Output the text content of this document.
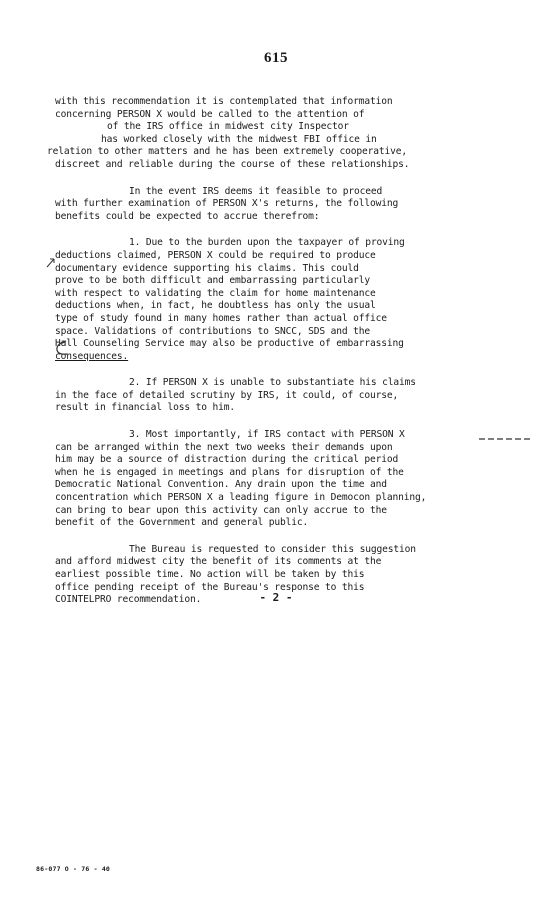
615
with this recommendation it is contemplated that information
concerning PERSON X would be called to the attention of
of the IRS office in midwest city Inspector
has worked closely with the midwest FBI office in
relation to other matters and he has been extremely cooperative,
discreet and reliable during the course of these relationships.
In the event IRS deems it feasible to proceed
with further examination of PERSON X's returns, the following
benefits could be expected to accrue therefrom:
1. Due to the burden upon the taxpayer of proving
deductions claimed, PERSON X could be required to produce
documentary evidence supporting his claims. This could
prove to be both difficult and embarrassing particularly
with respect to validating the claim for home maintenance
deductions when, in fact, he doubtless has only the usual
type of study found in many homes rather than actual office
space. Validations of contributions to SNCC, SDS and the
Hall Counseling Service may also be productive of embarrassing
consequences.
2. If PERSON X is unable to substantiate his claims
in the face of detailed scrutiny by IRS, it could, of course,
result in financial loss to him.
3. Most importantly, if IRS contact with PERSON X
can be arranged within the next two weeks their demands upon
him may be a source of distraction during the critical period
when he is engaged in meetings and plans for disruption of the
Democratic National Convention. Any drain upon the time and
concentration which PERSON X a leading figure in Democon planning,
can bring to bear upon this activity can only accrue to the
benefit of the Government and general public.
The Bureau is requested to consider this suggestion
and afford midwest city the benefit of its comments at the
earliest possible time. No action will be taken by this
office pending receipt of the Bureau's response to this
COINTELPRO recommendation.	- 2 -
86-077 O - 76 - 40
